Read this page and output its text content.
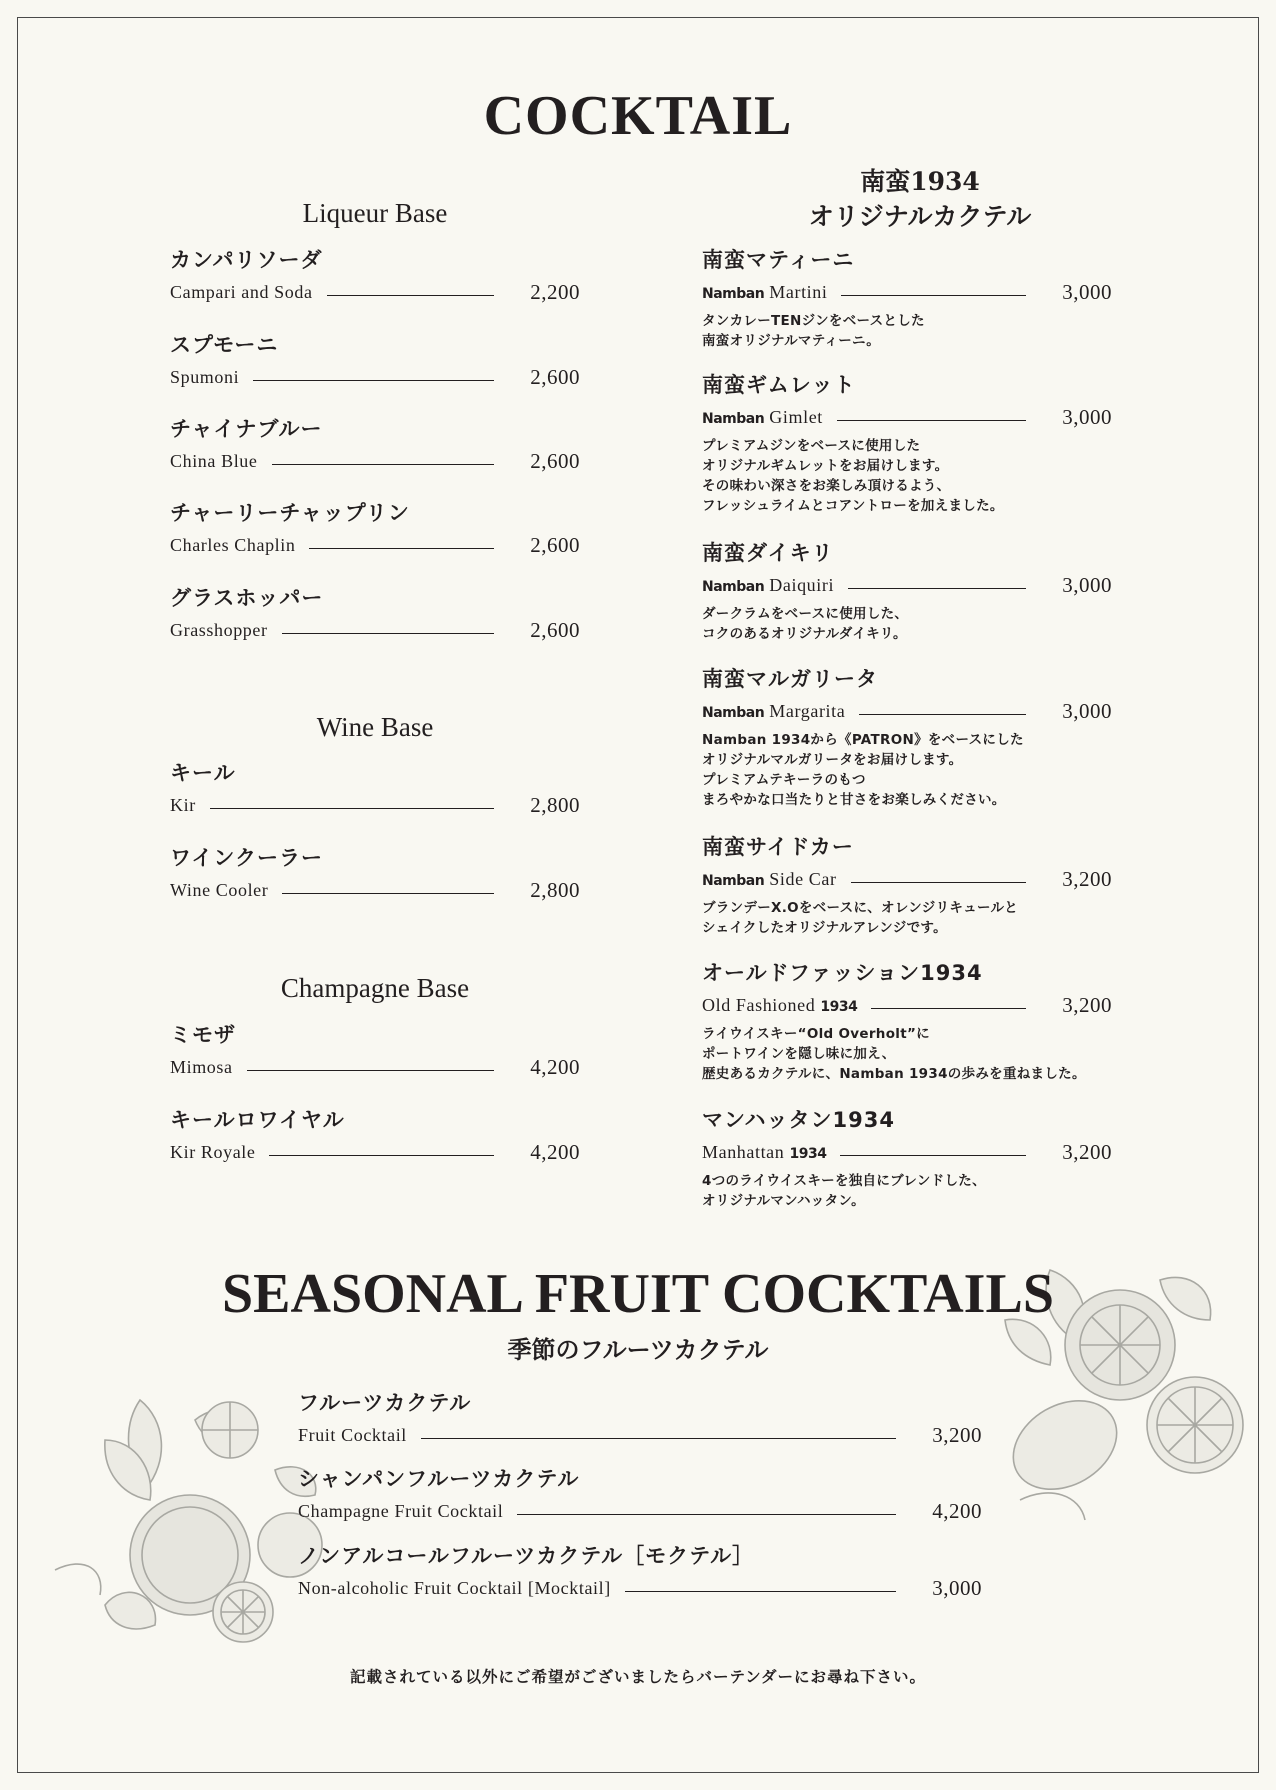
COCKTAIL
Liqueur Base
カンパリソーダ
Campari and Soda	2,200
スプモーニ
Spumoni	2,600
チャイナブルー
China Blue	2,600
チャーリーチャップリン
Charles Chaplin	2,600
グラスホッパー
Grasshopper	2,600
Wine Base
キール
Kir	2,800
ワインクーラー
Wine Cooler	2,800
Champagne Base
ミモザ
Mimosa	4,200
キールロワイヤル
Kir Royale	4,200
南蛮1934
オリジナルカクテル
南蛮マティーニ
Namban Martini	3,000
タンカレーTENジンをベースとした
南蛮オリジナルマティーニ。
南蛮ギムレット
Namban Gimlet	3,000
プレミアムジンをベースに使用した
オリジナルギムレットをお届けします。
その味わい深さをお楽しみ頂けるよう、
フレッシュライムとコアントローを加えました。
南蛮ダイキリ
Namban Daiquiri	3,000
ダークラムをベースに使用した、
コクのあるオリジナルダイキリ。
南蛮マルガリータ
Namban Margarita	3,000
Namban 1934から《PATRON》をベースにした
オリジナルマルガリータをお届けします。
プレミアムテキーラのもつ
まろやかな口当たりと甘さをお楽しみください。
南蛮サイドカー
Namban Side Car	3,200
ブランデーX.Oをベースに、オレンジリキュールと
シェイクしたオリジナルアレンジです。
オールドファッション1934
Old Fashioned 1934	3,200
ライウイスキー“Old Overholt”に
ポートワインを隠し味に加え、
歴史あるカクテルに、Namban 1934の歩みを重ねました。
マンハッタン1934
Manhattan 1934	3,200
4つのライウイスキーを独自にブレンドした、
オリジナルマンハッタン。
SEASONAL FRUIT COCKTAILS
季節のフルーツカクテル
フルーツカクテル
Fruit Cocktail	3,200
シャンパンフルーツカクテル
Champagne Fruit Cocktail	4,200
ノンアルコールフルーツカクテル［モクテル］
Non-alcoholic Fruit Cocktail [Mocktail]	3,000
記載されている以外にご希望がございましたらバーテンダーにお尋ね下さい。
